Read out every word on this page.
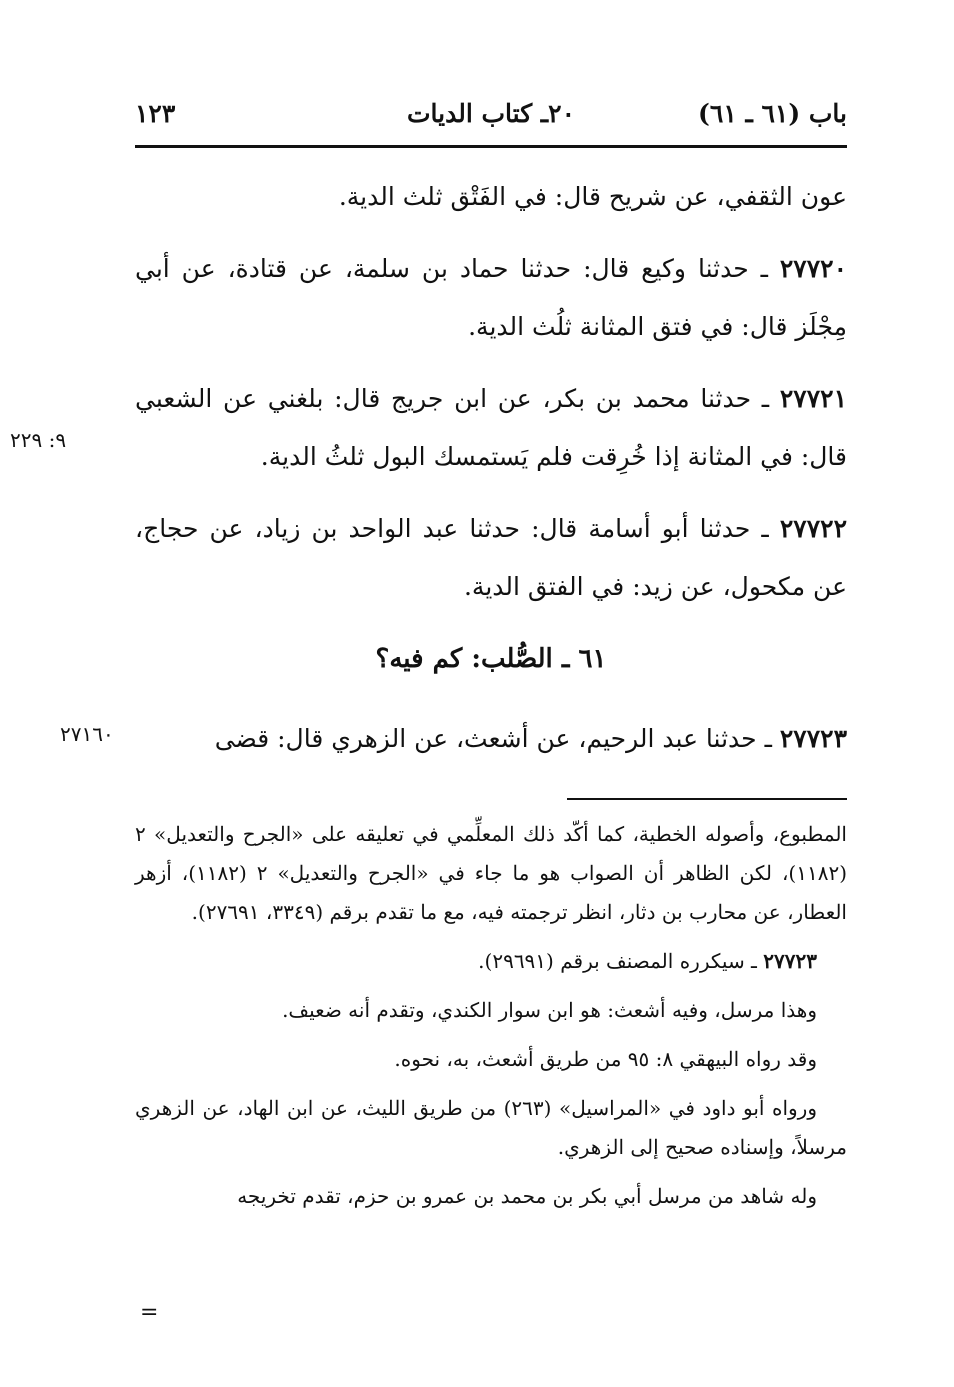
باب (٦١ ـ ٦١)
٢٠ـ كتاب الديات
١٢٣

عون الثقفي، عن شريح قال: في الفَتْق ثلث الدية.

٢٧٧٢٠ ـ حدثنا وكيع قال: حدثنا حماد بن سلمة، عن قتادة، عن أبي مِجْلَز قال: في فتق المثانة ثلُث الدية.

٢٧٧٢١ ـ حدثنا محمد بن بكر، عن ابن جريج قال: بلغني عن الشعبي قال: في المثانة إذا خُرِقت فلم يَستمسك البول ثلثُ الدية.

٢٧٧٢٢ ـ حدثنا أبو أسامة قال: حدثنا عبد الواحد بن زياد، عن حجاج، عن مكحول، عن زيد: في الفتق الدية.

٦١ ـ الصُّلب: كم فيه؟

٢٧٧٢٣ ـ حدثنا عبد الرحيم، عن أشعث، عن الزهري قال: قضى

٩: ٢٢٩
٢٧١٦٠

المطبوع، وأصوله الخطية، كما أكّد ذلك المعلِّمي في تعليقه على «الجرح والتعديل» ٢ (١١٨٢)، لكن الظاهر أن الصواب هو ما جاء في «الجرح والتعديل» ٢ (١١٨٢)، أزهر العطار، عن محارب بن دثار، انظر ترجمته فيه، مع ما تقدم برقم (٣٣٤٩، ٢٧٦٩١).

٢٧٧٢٣ ـ سيكرره المصنف برقم (٢٩٦٩١).

وهذا مرسل، وفيه أشعث: هو ابن سوار الكندي، وتقدم أنه ضعيف.

وقد رواه البيهقي ٨: ٩٥ من طريق أشعث، به، نحوه.

ورواه أبو داود في «المراسيل» (٢٦٣) من طريق الليث، عن ابن الهاد، عن الزهري مرسلاً، وإسناده صحيح إلى الزهري.

وله شاهد من مرسل أبي بكر بن محمد بن عمرو بن حزم، تقدم تخريجه

=
